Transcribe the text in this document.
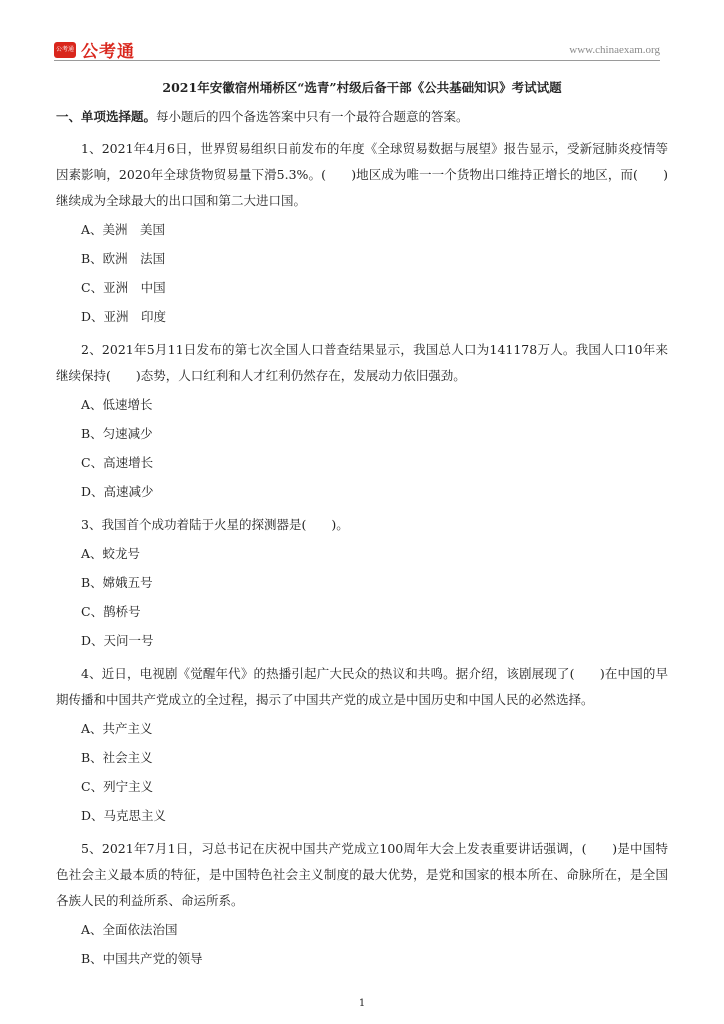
公考通 公考通	www.chinaexam.org
2021年安徽宿州埇桥区“选青”村级后备干部《公共基础知识》考试试题
一、单项选择题。每小题后的四个备选答案中只有一个最符合题意的答案。

1、2021年4月6日，世界贸易组织日前发布的年度《全球贸易数据与展望》报告显示，受新冠肺炎疫情等因素影响，2020年全球货物贸易量下滑5.3%。(　　)地区成为唯一一个货物出口维持正增长的地区，而(　　)继续成为全球最大的出口国和第二大进口国。

A、美洲　美国
B、欧洲　法国
C、亚洲　中国
D、亚洲　印度

2、2021年5月11日发布的第七次全国人口普查结果显示，我国总人口为141178万人。我国人口10年来继续保持(　　)态势，人口红利和人才红利仍然存在，发展动力依旧强劲。

A、低速增长
B、匀速减少
C、高速增长
D、高速减少

3、我国首个成功着陆于火星的探测器是(　　)。

A、蛟龙号
B、嫦娥五号
C、鹊桥号
D、天问一号

4、近日，电视剧《觉醒年代》的热播引起广大民众的热议和共鸣。据介绍，该剧展现了(　　)在中国的早期传播和中国共产党成立的全过程，揭示了中国共产党的成立是中国历史和中国人民的必然选择。

A、共产主义
B、社会主义
C、列宁主义
D、马克思主义

5、2021年7月1日，习总书记在庆祝中国共产党成立100周年大会上发表重要讲话强调，(　　)是中国特色社会主义最本质的特征，是中国特色社会主义制度的最大优势，是党和国家的根本所在、命脉所在，是全国各族人民的利益所系、命运所系。

A、全面依法治国
B、中国共产党的领导
1
